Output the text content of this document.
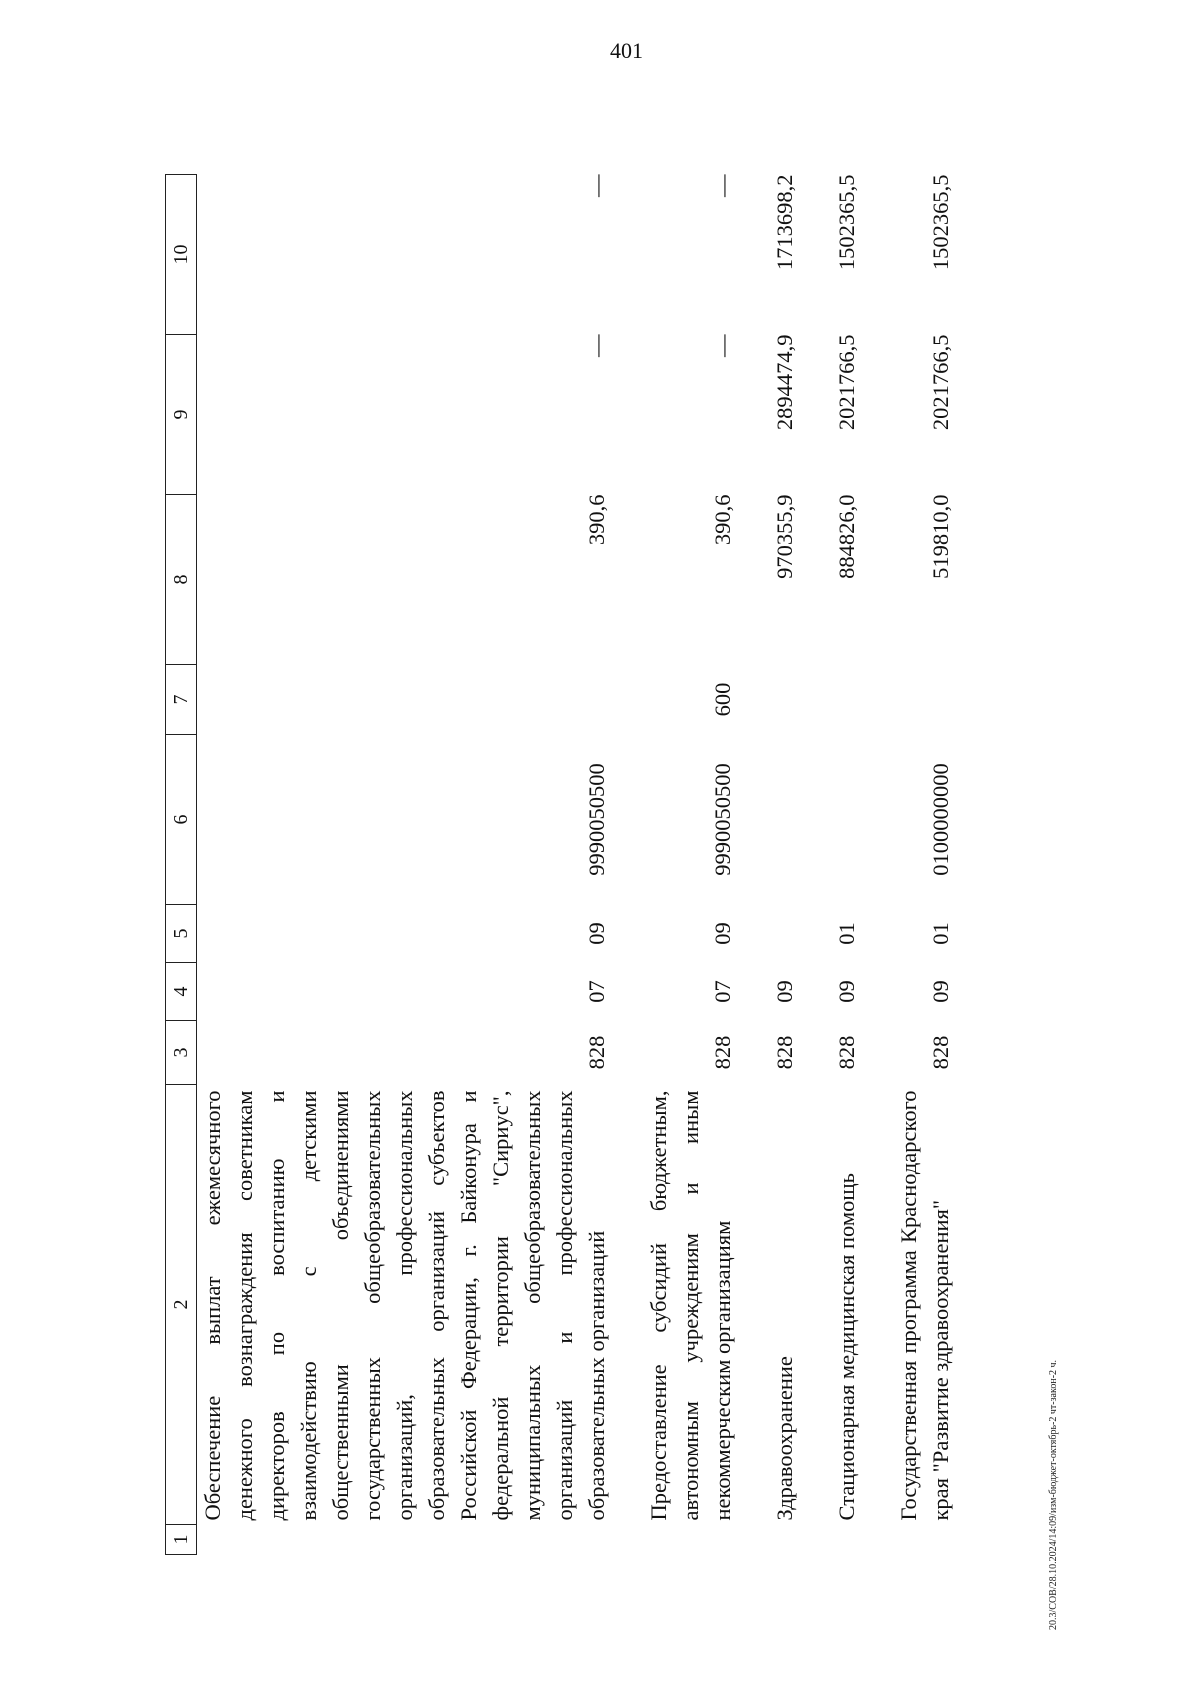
401
1	2	3	4	5	6	7	8	9	10
	Обеспечение выплат ежемесячного денежного вознаграждения советникам директоров по воспитанию и взаимодействию с детскими общественными объединениями государственных общеобразовательных организаций, профессиональных образовательных организаций субъектов Российской Федерации, г. Байконура и федеральной территории "Сириус", муниципальных общеобразовательных организаций и профессиональных образовательных организаций	828	07	09	9990050500		390,6	—	—

	Предоставление субсидий бюджетным, автономным учреждениям и иным некоммерческим организациям	828	07	09	9990050500	600	390,6	—	—

	Здравоохранение	828	09				970355,9	2894474,9	1713698,2

	Стационарная медицинская помощь	828	09	01			884826,0	2021766,5	1502365,5

	Государственная программа Краснодарского края "Развитие здравоохранения"	828	09	01	0100000000		519810,0	2021766,5	1502365,5
20.3/СОВ/28.10.2024/14:09/изм-бюджет-октябрь-2 чт-закон-2 ч.
